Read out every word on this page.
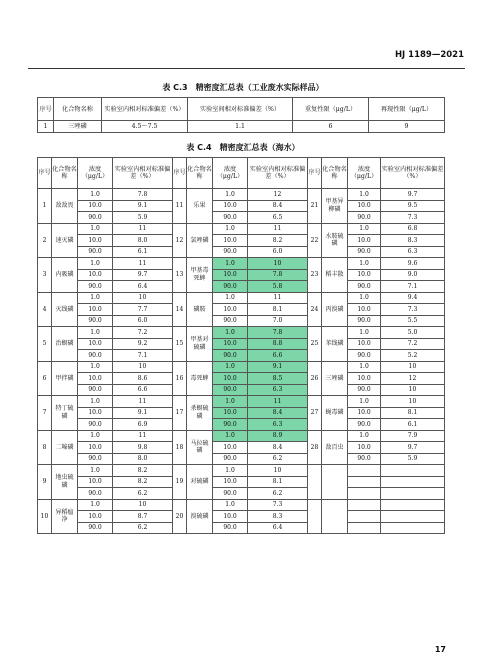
HJ 1189—2021
表 C.3　精密度汇总表（工业废水实际样品）
序号	化合物名称	实验室内相对标准偏差（%）	实验室间相对标准偏差（%）	重复性限（μg/L）	再现性限（μg/L）
1	三唑磷	4.5～7.5	1.1	6	9
表 C.4　精密度汇总表（海水）
序号	化合物名称	浓度（μg/L）	实验室内相对标准偏差（%）	序号	化合物名称	浓度（μg/L）	实验室内相对标准偏差（%）	序号	化合物名称	浓度（μg/L）	实验室内相对标准偏差（%）
1	敌敌畏	1.0	7.8	11	乐果	1.0	12	21	甲基异柳磷	1.0	9.7
		10.0	9.1			10.0	8.4			10.0	9.5
		90.0	5.9			90.0	6.5			90.0	7.3
2	速灭磷	1.0	11	12	氯唑磷	1.0	11	22	水胺硫磷	1.0	6.8
		10.0	8.0			10.0	8.2			10.0	8.3
		90.0	6.1			90.0	6.0			90.0	6.3
3	内吸磷	1.0	11	13	甲基毒死蜱	1.0	10	23	稻丰散	1.0	9.6
		10.0	9.7			10.0	7.8			10.0	9.0
		90.0	6.4			90.0	5.8			90.0	7.1
4	灭线磷	1.0	10	14	磷胺	1.0	11	24	丙溴磷	1.0	9.4
		10.0	7.7			10.0	8.1			10.0	7.3
		90.0	6.0			90.0	7.0			90.0	5.5
5	治螟磷	1.0	7.2	15	甲基对硫磷	1.0	7.8	25	苯线磷	1.0	5.0
		10.0	9.2			10.0	8.8			10.0	7.2
		90.0	7.1			90.0	6.6			90.0	5.2
6	甲拌磷	1.0	10	16	毒死蜱	1.0	9.1	26	三唑磷	1.0	10
		10.0	8.6			10.0	8.5			10.0	12
		90.0	6.6			90.0	6.3			90.0	10
7	特丁硫磷	1.0	11	17	杀螟硫磷	1.0	11	27	蝇毒磷	1.0	10
		10.0	9.1			10.0	8.4			10.0	8.1
		90.0	6.9			90.0	6.3			90.0	6.1
8	二嗪磷	1.0	11	18	马拉硫磷	1.0	8.9	28	敌百虫	1.0	7.9
		10.0	9.8			10.0	8.4			10.0	9.7
		90.0	8.0			90.0	6.2			90.0	5.9
9	地虫硫磷	1.0	8.2	19	对硫磷	1.0	10				
		10.0	8.2			10.0	8.1				
		90.0	6.2			90.0	6.2				
10	异稻瘟净	1.0	10	20	溴硫磷	1.0	7.3				
		10.0	8.7			10.0	8.3				
		90.0	6.2			90.0	6.4				
17
